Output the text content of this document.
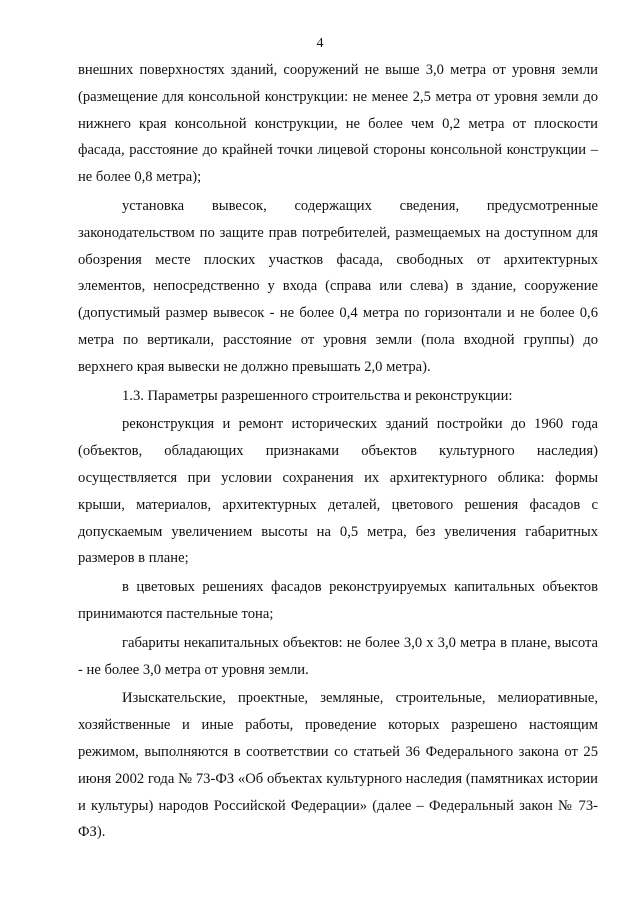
4

внешних поверхностях зданий, сооружений не выше 3,0 метра от уровня земли (размещение для консольной конструкции: не менее 2,5 метра от уровня земли до нижнего края консольной конструкции, не более чем 0,2 метра от плоскости фасада, расстояние до крайней точки лицевой стороны консольной конструкции – не более 0,8 метра);

установка вывесок, содержащих сведения, предусмотренные законодательством по защите прав потребителей, размещаемых на доступном для обозрения месте плоских участков фасада, свободных от архитектурных элементов, непосредственно у входа (справа или слева) в здание, сооружение (допустимый размер вывесок - не более 0,4 метра по горизонтали и не более 0,6 метра по вертикали, расстояние от уровня земли (пола входной группы) до верхнего края вывески не должно превышать 2,0 метра).

1.3. Параметры разрешенного строительства и реконструкции:

реконструкция и ремонт исторических зданий постройки до 1960 года (объектов, обладающих признаками объектов культурного наследия) осуществляется при условии сохранения их архитектурного облика: формы крыши, материалов, архитектурных деталей, цветового решения фасадов с допускаемым увеличением высоты на 0,5 метра, без увеличения габаритных размеров в плане;

в цветовых решениях фасадов реконструируемых капитальных объектов принимаются пастельные тона;

габариты некапитальных объектов: не более 3,0 х 3,0 метра в плане, высота - не более 3,0 метра от уровня земли.

Изыскательские, проектные, земляные, строительные, мелиоративные, хозяйственные и иные работы, проведение которых разрешено настоящим режимом, выполняются в соответствии со статьей 36 Федерального закона от 25 июня 2002 года № 73-ФЗ «Об объектах культурного наследия (памятниках истории и культуры) народов Российской Федерации» (далее – Федеральный закон № 73-ФЗ).
